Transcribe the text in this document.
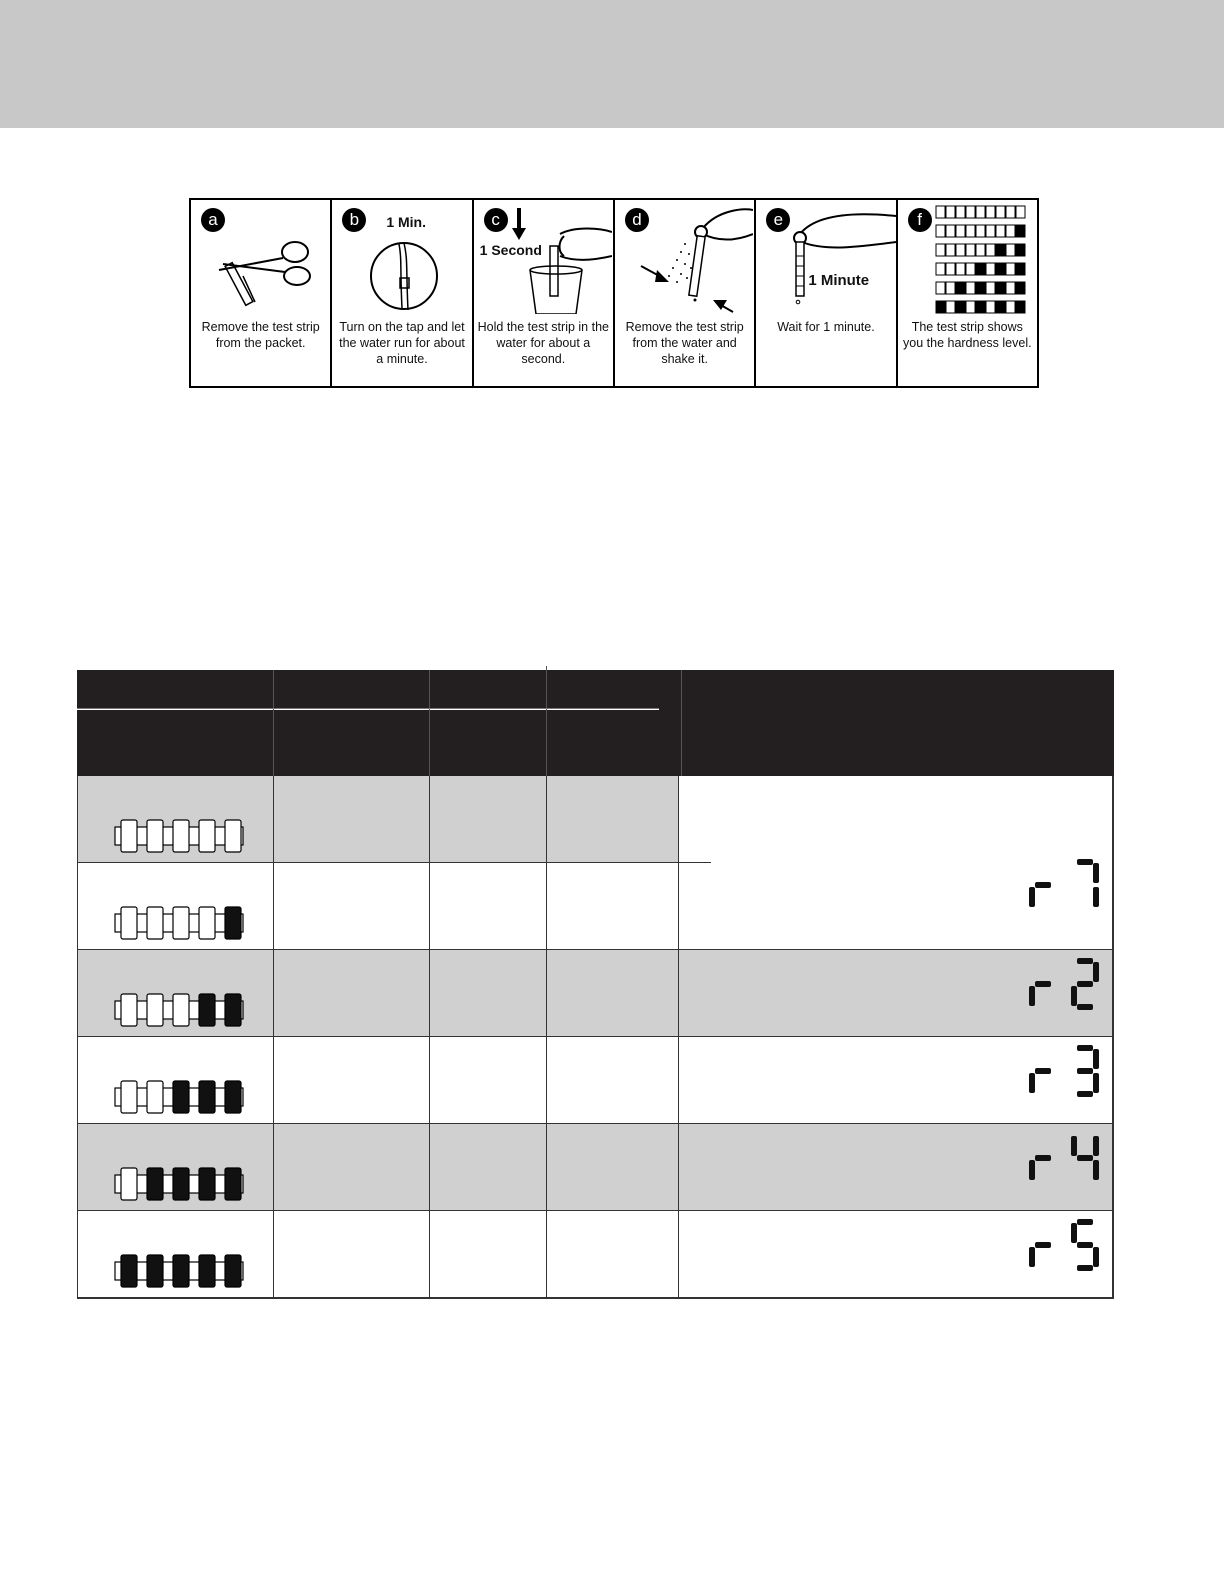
a
Remove the test strip from the packet.
b	1 Min.
Turn on the tap and let the water run for about a minute.
c
1 Second
Hold the test strip in the water for about a second.
d
Remove the test strip from the water and shake it.
e
1 Minute
Wait for 1 minute.
f
The test strip shows you the hardness level.
